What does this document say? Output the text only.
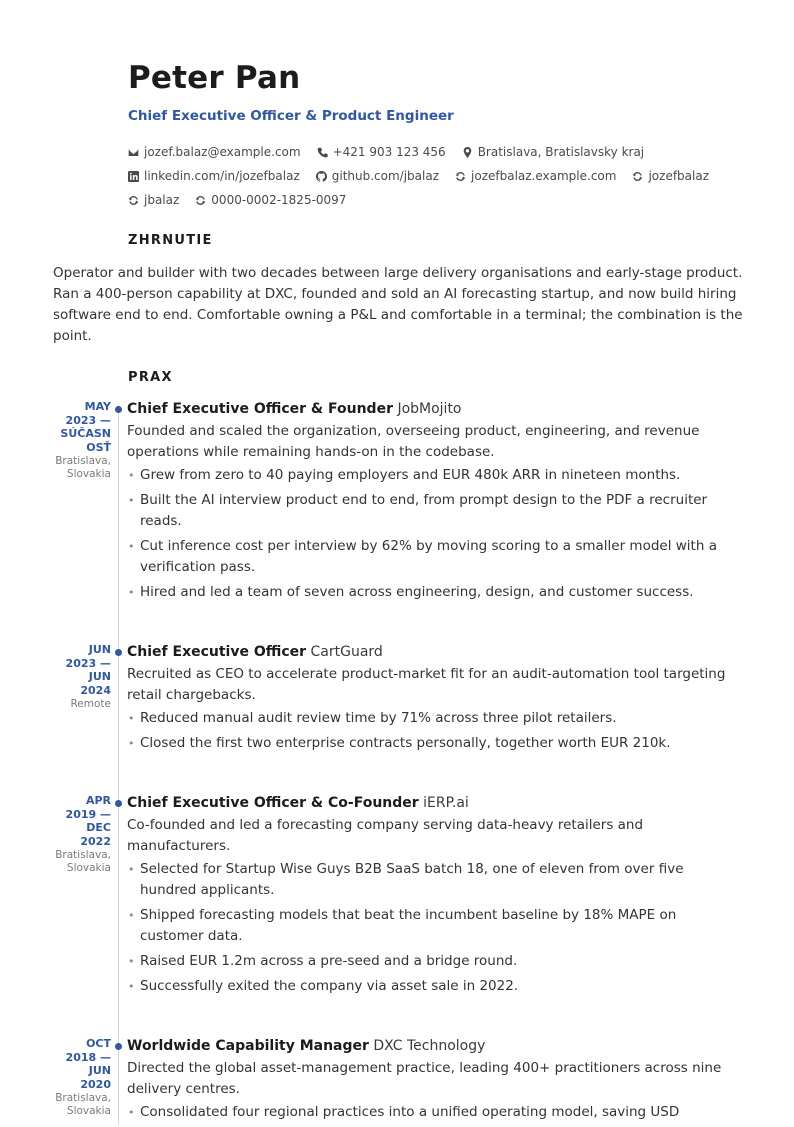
Peter Pan
Chief Executive Officer & Product Engineer
jozef.balaz@example.com	+421 903 123 456	Bratislava, Bratislavsky kraj
linkedin.com/in/jozefbalaz	github.com/jbalaz	jozefbalaz.example.com	jozefbalaz
jbalaz	0000-0002-1825-0097
ZHRNUTIE

Operator and builder with two decades between large delivery organisations and early-stage product. Ran a 400-person capability at DXC, founded and sold an AI forecasting startup, and now build hiring software end to end. Comfortable owning a P&L and comfortable in a terminal; the combination is the point.

PRAX
MAY
2023 —
SÚČASN
OSŤ
Bratislava,
Slovakia
Chief Executive Officer & Founder JobMojito
Founded and scaled the organization, overseeing product, engineering, and revenue operations while remaining hands-on in the codebase.
• Grew from zero to 40 paying employers and EUR 480k ARR in nineteen months.
• Built the AI interview product end to end, from prompt design to the PDF a recruiter reads.
• Cut inference cost per interview by 62% by moving scoring to a smaller model with a verification pass.
• Hired and led a team of seven across engineering, design, and customer success.
JUN
2023 —
JUN
2024
Remote
Chief Executive Officer CartGuard
Recruited as CEO to accelerate product-market fit for an audit-automation tool targeting retail chargebacks.
• Reduced manual audit review time by 71% across three pilot retailers.
• Closed the first two enterprise contracts personally, together worth EUR 210k.
APR
2019 —
DEC
2022
Bratislava,
Slovakia
Chief Executive Officer & Co-Founder iERP.ai
Co-founded and led a forecasting company serving data-heavy retailers and manufacturers.
• Selected for Startup Wise Guys B2B SaaS batch 18, one of eleven from over five hundred applicants.
• Shipped forecasting models that beat the incumbent baseline by 18% MAPE on customer data.
• Raised EUR 1.2m across a pre-seed and a bridge round.
• Successfully exited the company via asset sale in 2022.
OCT
2018 —
JUN
2020
Bratislava,
Slovakia
Worldwide Capability Manager DXC Technology
Directed the global asset-management practice, leading 400+ practitioners across nine delivery centres.
• Consolidated four regional practices into a unified operating model, saving USD
